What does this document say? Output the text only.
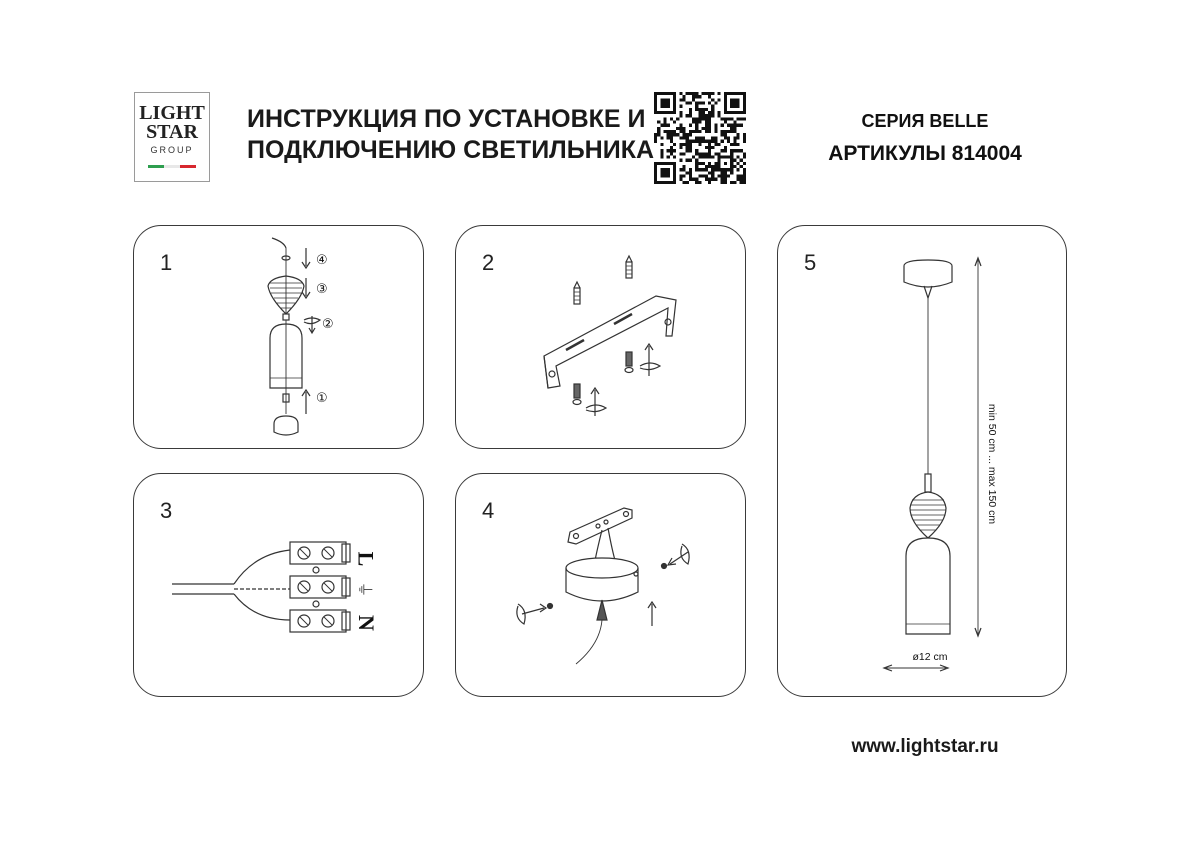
LIGHT
STAR
GROUP
ИНСТРУКЦИЯ ПО УСТАНОВКЕ И
ПОДКЛЮЧЕНИЮ СВЕТИЛЬНИКА
СЕРИЯ BELLE
АРТИКУЛЫ 814004
1	④
③
②
①
2
3
L
⏚
N
4
5
min 50 cm ... max 150 cm
ø12 cm
www.lightstar.ru
